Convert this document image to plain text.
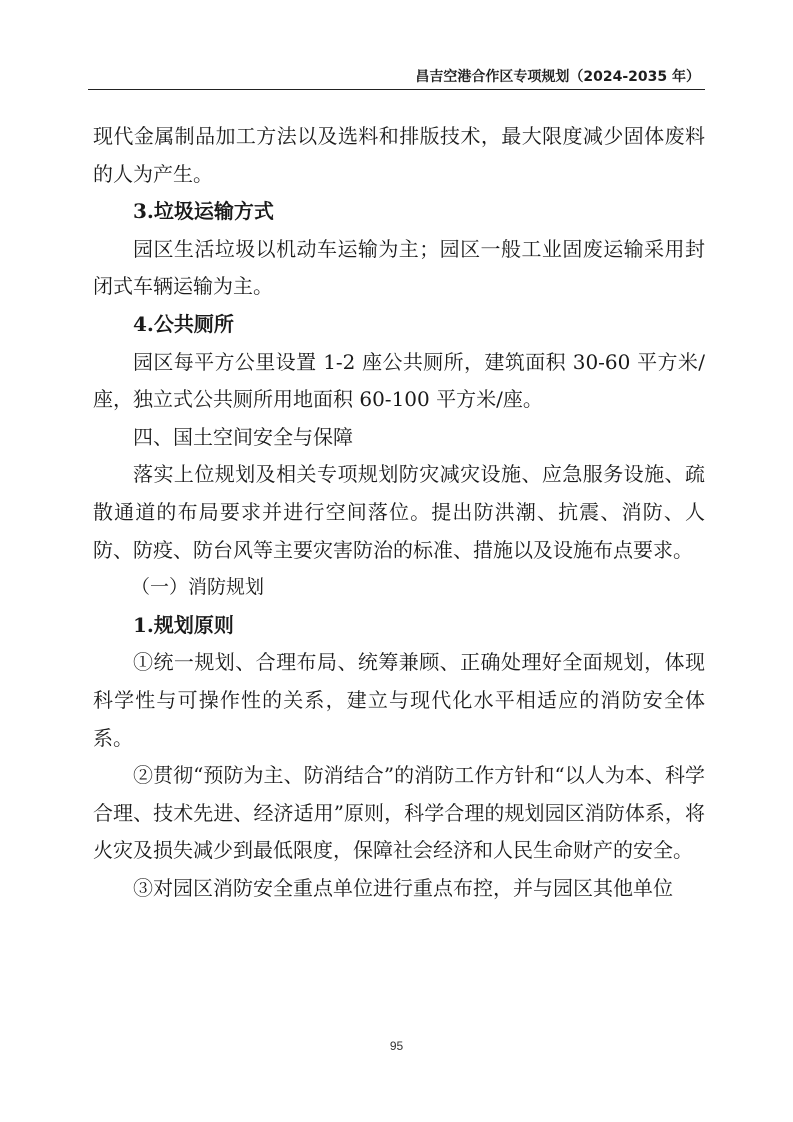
昌吉空港合作区专项规划（2024-2035 年）

现代金属制品加工方法以及选料和排版技术，最大限度减少固体废料的人为产生。

3.垃圾运输方式

园区生活垃圾以机动车运输为主；园区一般工业固废运输采用封闭式车辆运输为主。

4.公共厕所

园区每平方公里设置 1-2 座公共厕所，建筑面积 30-60 平方米/座，独立式公共厕所用地面积 60-100 平方米/座。

四、国土空间安全与保障

落实上位规划及相关专项规划防灾减灾设施、应急服务设施、疏散通道的布局要求并进行空间落位。提出防洪潮、抗震、消防、人防、防疫、防台风等主要灾害防治的标准、措施以及设施布点要求。

（一）消防规划

1.规划原则

①统一规划、合理布局、统筹兼顾、正确处理好全面规划，体现科学性与可操作性的关系，建立与现代化水平相适应的消防安全体系。

②贯彻“预防为主、防消结合”的消防工作方针和“以人为本、科学合理、技术先进、经济适用”原则，科学合理的规划园区消防体系，将火灾及损失减少到最低限度，保障社会经济和人民生命财产的安全。

③对园区消防安全重点单位进行重点布控，并与园区其他单位

95
